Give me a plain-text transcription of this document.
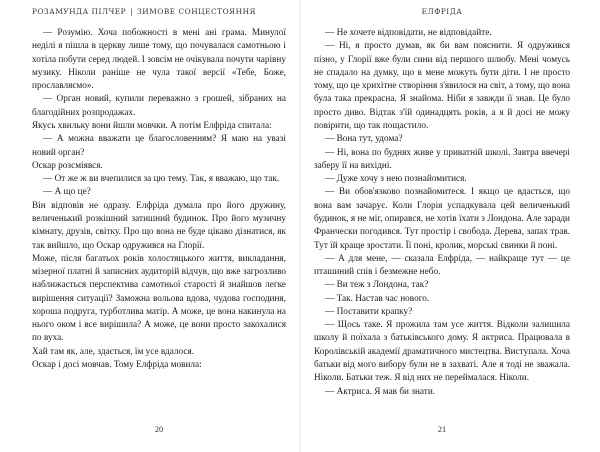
РОЗАМУНДА ПІЛЧЕР | ЗИМОВЕ СОНЦЕСТОЯННЯ

— Розумію. Хоча побожності в мені ані грама. Минулої неділі я пішла в церкву лише тому, що почувалася самотньою і хотіла побути серед людей. І зовсім не очікувала почути чарівну музику. Ніколи раніше не чула такої версії «Тебе, Боже, прославляємо».

— Орган новий, купили переважно з грошей, зібраних на благодійних розпродажах.

Якусь хвильку вони йшли мовчки. А потім Елфріда спитала:

— А можна вважати це благословенням? Я маю на увазі новий орган?

Оскар розсміявся.

— От же ж ви вчепилися за цю тему. Так, я вважаю, що так.

— А що це?

Він відповів не одразу. Елфріда думала про його дружину, величенький розкішний затишний будинок. Про його музичну кімнату, друзів, світку. Про що вона не буде цікаво дізнатися, як так вийшло, що Оскар одружився на Глорії.

Може, після багатьох років холостяцького життя, викладання, мізерної платні й записних аудиторій відчув, що вже загрозливо наближається перспектива самотньої старості й знайшов легке вирішення ситуації? Заможна вольова вдова, чудова господиня, хороша подруга, турботлива матір. А може, це вона накинула на нього оком і все вирішила? А може, це вони просто закохалися по вуха.

Хай там як, але, здається, їм усе вдалося.

Оскар і досі мовчав. Тому Елфріда мовила:

20
ЕЛФРІДА

— Не хочете відповідати, не відповідайте.

— Ні, я просто думав, як би вам пояснити. Я одружився пізно, у Глорії вже були сини від першого шлюбу. Мені чомусь не спадало на думку, що в мене можуть бути діти. І не просто тому, що це хрихітне створіння з'явилося на світ, а тому, що вона була така прекрасна. Я знайома. Ніби я завжди її знав. Це було просто диво. Відтак з'їй одинадцять років, а я й досі не можу повірити, що так пощастило.

— Вона тут, удома?

— Ні, вона по буднях живе у приватній школі. Завтра ввечері заберу її на вихідні.

— Дуже хочу з нею познайомитися.

— Ви обов'язково познайомитеся. І якщо це вдасться, що вона вам зачарує. Коли Глорія успадкувала цей величенький будинок, я не міг, опирався, не хотів їхати з Лондона. Але заради Франчески погодився. Тут простір і свобода. Дерева, запах трав. Тут їй краще зростати. Її поні, кролик, морські свинки й поні.

— А для мене, — сказала Елфріда, — найкраще тут — це пташиний спів і безмежне небо.

— Ви теж з Лондона, так?

— Так. Настав час нового.

— Поставити крапку?

— Щось таке. Я прожила там усе життя. Відколи залишила школу й поїхала з батьківського дому. Я актриса. Працювала в Королівській академії драматичного мистецтва. Виступала. Хоча батьки від мого вибору були не в захваті. Але я тоді не зважала. Ніколи. Батьки теж. Я від них не переймалася. Ніколи.

— Актриса. Я мав би знати.

21
